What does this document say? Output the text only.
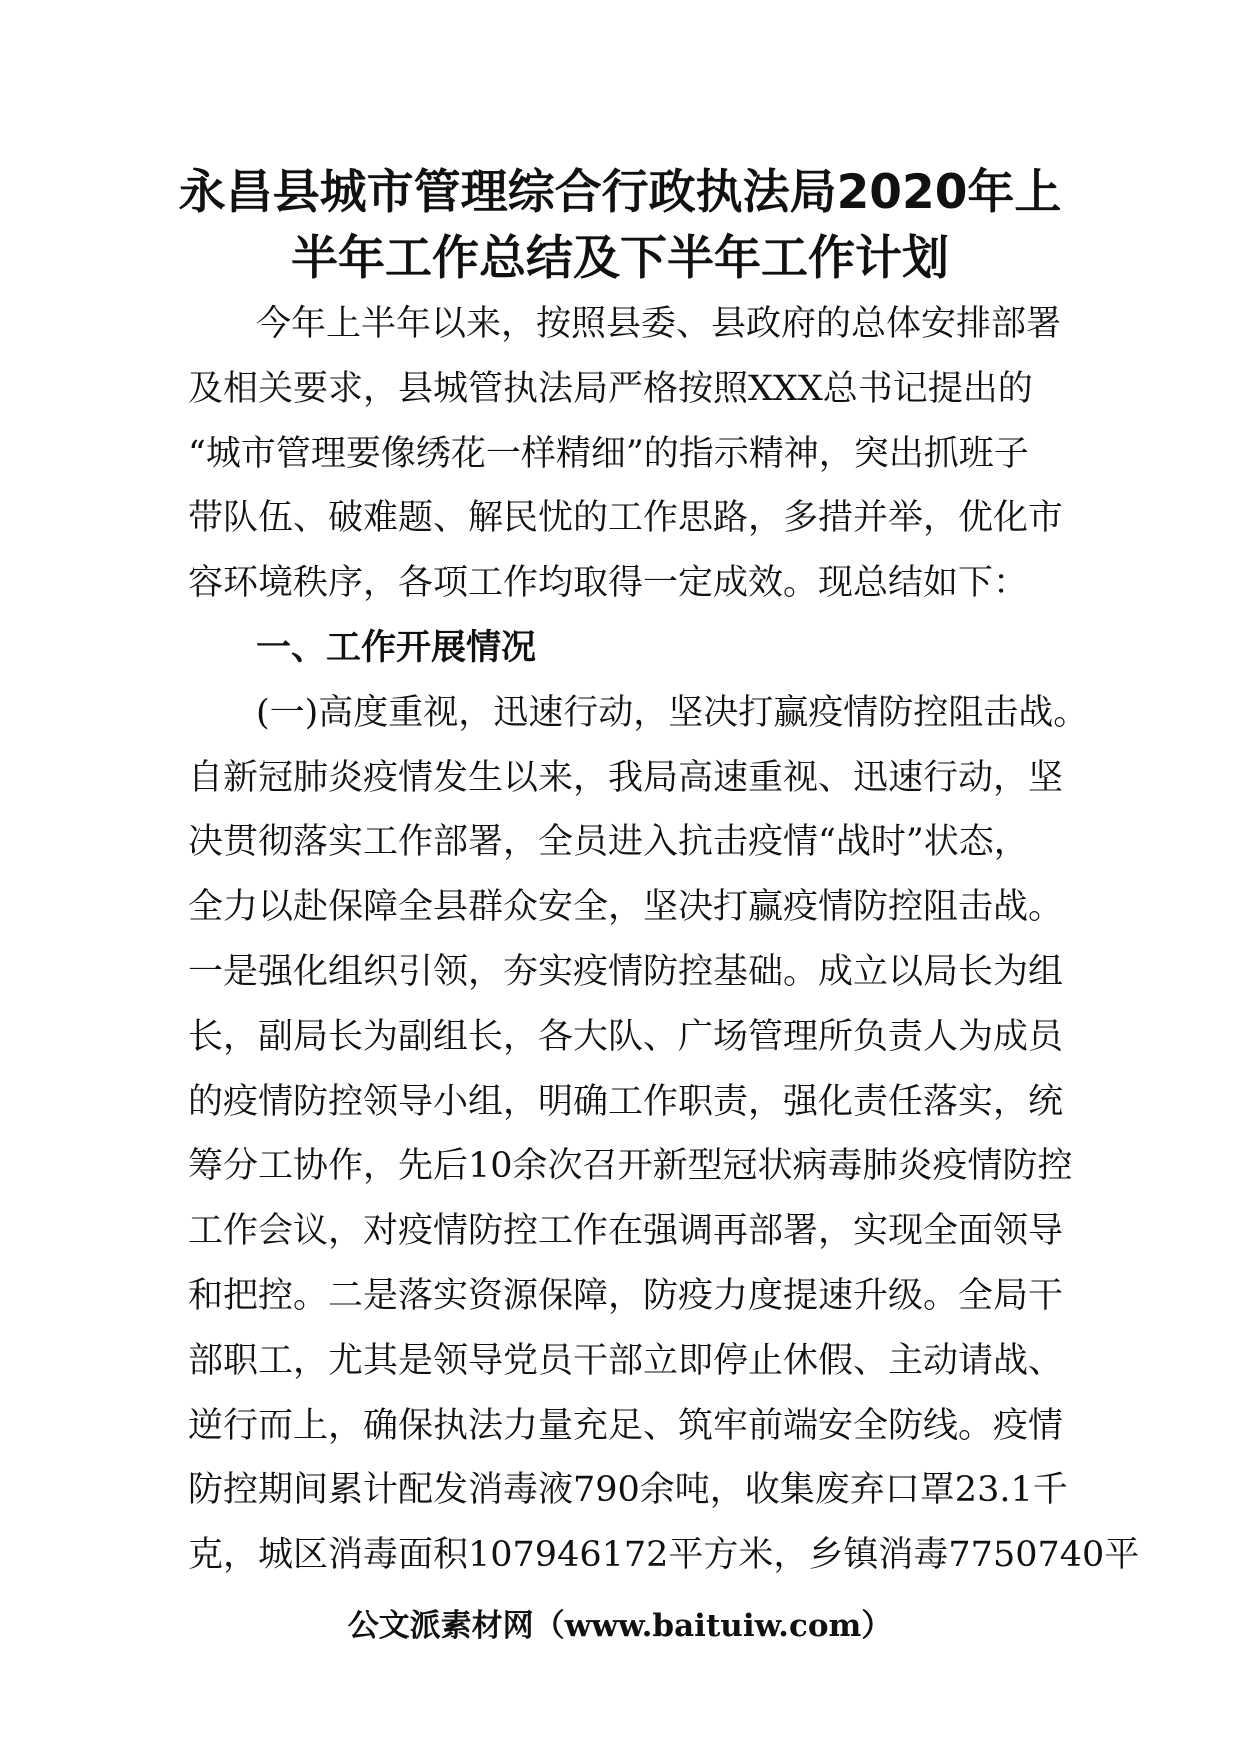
永昌县城市管理综合行政执法局2020年上
半年工作总结及下半年工作计划
今年上半年以来，按照县委、县政府的总体安排部署
及相关要求，县城管执法局严格按照XXX总书记提出的
“城市管理要像绣花一样精细”的指示精神，突出抓班子
带队伍、破难题、解民忧的工作思路，多措并举，优化市
容环境秩序，各项工作均取得一定成效。现总结如下：
一、工作开展情况
(一)高度重视，迅速行动，坚决打赢疫情防控阻击战。
自新冠肺炎疫情发生以来，我局高速重视、迅速行动，坚
决贯彻落实工作部署，全员进入抗击疫情“战时”状态，
全力以赴保障全县群众安全，坚决打赢疫情防控阻击战。
一是强化组织引领，夯实疫情防控基础。成立以局长为组
长，副局长为副组长，各大队、广场管理所负责人为成员
的疫情防控领导小组，明确工作职责，强化责任落实，统
筹分工协作，先后10余次召开新型冠状病毒肺炎疫情防控
工作会议，对疫情防控工作在强调再部署，实现全面领导
和把控。二是落实资源保障，防疫力度提速升级。全局干
部职工，尤其是领导党员干部立即停止休假、主动请战、
逆行而上，确保执法力量充足、筑牢前端安全防线。疫情
防控期间累计配发消毒液790余吨，收集废弃口罩23.1千
克，城区消毒面积107946172平方米，乡镇消毒7750740平
公文派素材网（www.baituiw.com）
